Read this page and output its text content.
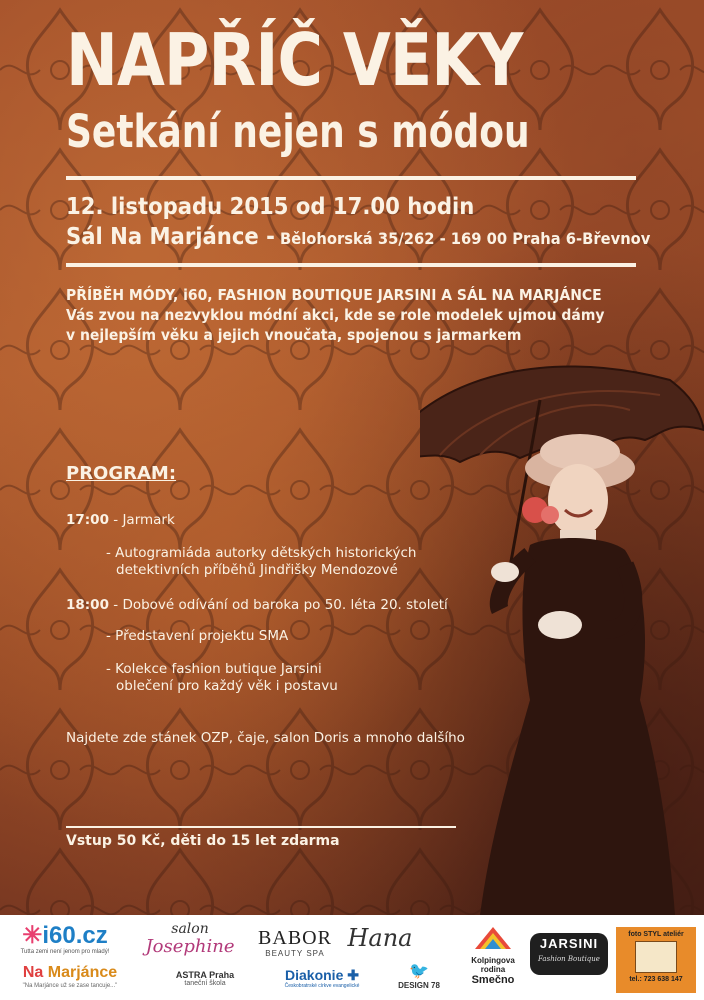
NAPŘÍČ VĚKY
Setkání nejen s módou
12. listopadu 2015 od 17.00 hodin
Sál Na Marjánce - Bělohorská 35/262 - 169 00 Praha 6-Břevnov
PŘÍBĚH MÓDY, i60, FASHION BOUTIQUE JARSINI A SÁL NA MARJÁNCE
Vás zvou na nezvyklou módní akci, kde se role modelek ujmou dámy
v nejlepším věku a jejich vnoučata, spojenou s jarmarkem
PROGRAM:
17:00 - Jarmark
- Autogramiáda autorky dětských historických
detektivních příběhů Jindřišky Mendozové
18:00 - Dobové odívání od baroka po 50. léta 20. století
- Představení projektu SMA
- Kolekce fashion butique Jarsini
oblečení pro každý věk i postavu
Najdete zde stánek OZP, čaje, salon Doris a mnoho dalšího
Vstup 50 Kč, děti do 15 let zdarma
✳i60.cz
Tutta zemi není jenom pro mladý!
Na Marjánce
"Na Marjánce už se zase tancuje..."
salon
Josephine
ASTRA Praha
taneční škola
BABOR
BEAUTY SPA
Diakonie ✚
Českobratrské církve evangelické
Hana
🐦
DESIGN 78
Kolpingova
rodina
Smečno
JARSINI
Fashion Boutique
foto STYL ateliér
tel.: 723 638 147
